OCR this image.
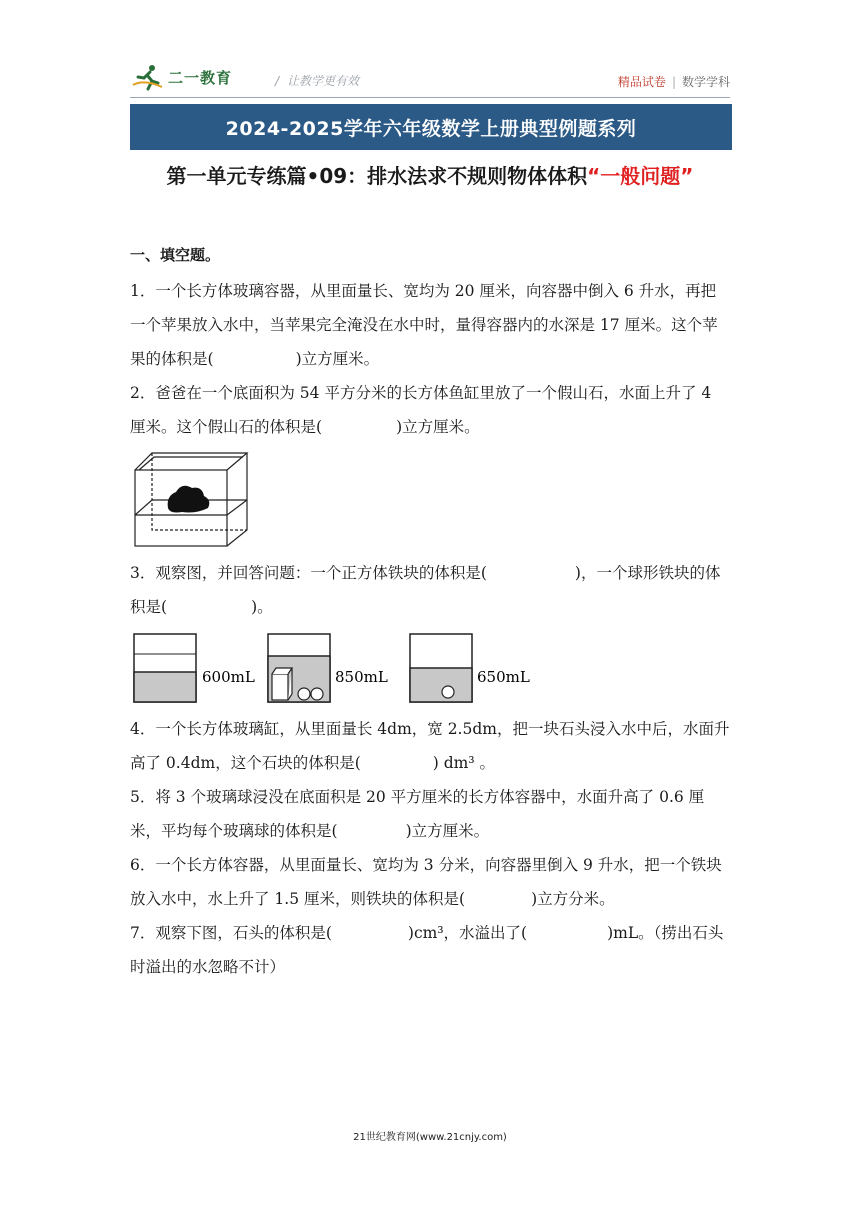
二一教育	/ 让教学更有效	精品试卷 | 数学学科
2024-2025学年六年级数学上册典型例题系列
第一单元专练篇•09：排水法求不规则物体体积“一般问题”
一、填空题。
1．一个长方体玻璃容器，从里面量长、宽均为 20 厘米，向容器中倒入 6 升水，再把一个苹果放入水中，当苹果完全淹没在水中时，量得容器内的水深是 17 厘米。这个苹果的体积是(	)立方厘米。
2．爸爸在一个底面积为 54 平方分米的长方体鱼缸里放了一个假山石，水面上升了 4 厘米。这个假山石的体积是(	)立方厘米。
3．观察图，并回答问题：一个正方体铁块的体积是(	)，一个球形铁块的体积是(	)。
600mL	850mL	650mL
4．一个长方体玻璃缸，从里面量长 4dm，宽 2.5dm，把一块石头浸入水中后，水面升高了 0.4dm，这个石块的体积是(	) dm³ 。
5．将 3 个玻璃球浸没在底面积是 20 平方厘米的长方体容器中，水面升高了 0.6 厘米，平均每个玻璃球的体积是(	)立方厘米。
6．一个长方体容器，从里面量长、宽均为 3 分米，向容器里倒入 9 升水，把一个铁块放入水中，水上升了 1.5 厘米，则铁块的体积是(	)立方分米。
7．观察下图，石头的体积是(	)cm³，水溢出了(	)mL。（捞出石头时溢出的水忽略不计）
21世纪教育网(www.21cnjy.com)
